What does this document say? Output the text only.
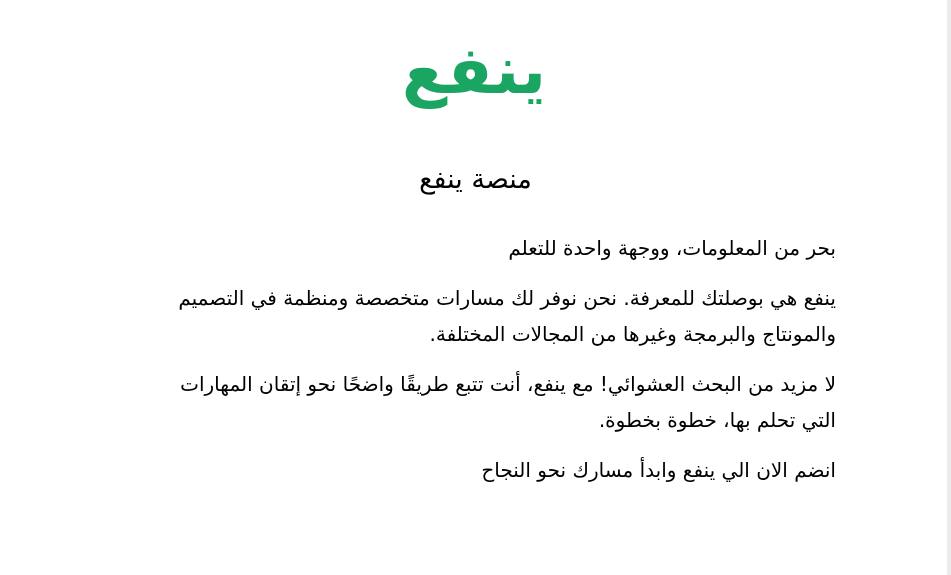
ينفع
منصة ينفع

بحر من المعلومات، ووجهة واحدة للتعلم

ينفع هي بوصلتك للمعرفة. نحن نوفر لك مسارات متخصصة ومنظمة في التصميم والمونتاج والبرمجة وغيرها من المجالات المختلفة.

لا مزيد من البحث العشوائي! مع ينفع، أنت تتبع طريقًا واضحًا نحو إتقان المهارات التي تحلم بها، خطوة بخطوة.

انضم الان الي ينفع وابدأ مسارك نحو النجاح
